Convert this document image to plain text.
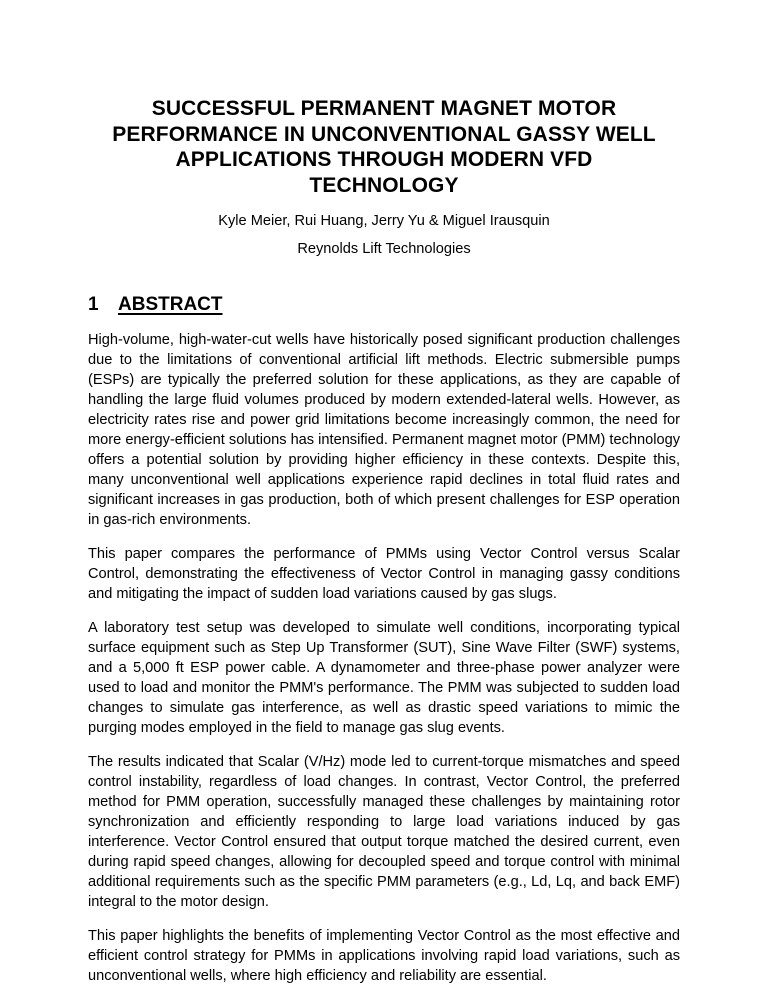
SUCCESSFUL PERMANENT MAGNET MOTOR
PERFORMANCE IN UNCONVENTIONAL GASSY WELL
APPLICATIONS THROUGH MODERN VFD
TECHNOLOGY

Kyle Meier, Rui Huang, Jerry Yu & Miguel Irausquin

Reynolds Lift Technologies

1	ABSTRACT

High-volume, high-water-cut wells have historically posed significant production challenges due to the limitations of conventional artificial lift methods. Electric submersible pumps (ESPs) are typically the preferred solution for these applications, as they are capable of handling the large fluid volumes produced by modern extended-lateral wells. However, as electricity rates rise and power grid limitations become increasingly common, the need for more energy-efficient solutions has intensified. Permanent magnet motor (PMM) technology offers a potential solution by providing higher efficiency in these contexts. Despite this, many unconventional well applications experience rapid declines in total fluid rates and significant increases in gas production, both of which present challenges for ESP operation in gas-rich environments.

This paper compares the performance of PMMs using Vector Control versus Scalar Control, demonstrating the effectiveness of Vector Control in managing gassy conditions and mitigating the impact of sudden load variations caused by gas slugs.

A laboratory test setup was developed to simulate well conditions, incorporating typical surface equipment such as Step Up Transformer (SUT), Sine Wave Filter (SWF) systems, and a 5,000 ft ESP power cable. A dynamometer and three-phase power analyzer were used to load and monitor the PMM's performance. The PMM was subjected to sudden load changes to simulate gas interference, as well as drastic speed variations to mimic the purging modes employed in the field to manage gas slug events.

The results indicated that Scalar (V/Hz) mode led to current-torque mismatches and speed control instability, regardless of load changes. In contrast, Vector Control, the preferred method for PMM operation, successfully managed these challenges by maintaining rotor synchronization and efficiently responding to large load variations induced by gas interference. Vector Control ensured that output torque matched the desired current, even during rapid speed changes, allowing for decoupled speed and torque control with minimal additional requirements such as the specific PMM parameters (e.g., Ld, Lq, and back EMF) integral to the motor design.

This paper highlights the benefits of implementing Vector Control as the most effective and efficient control strategy for PMMs in applications involving rapid load variations, such as unconventional wells, where high efficiency and reliability are essential.
